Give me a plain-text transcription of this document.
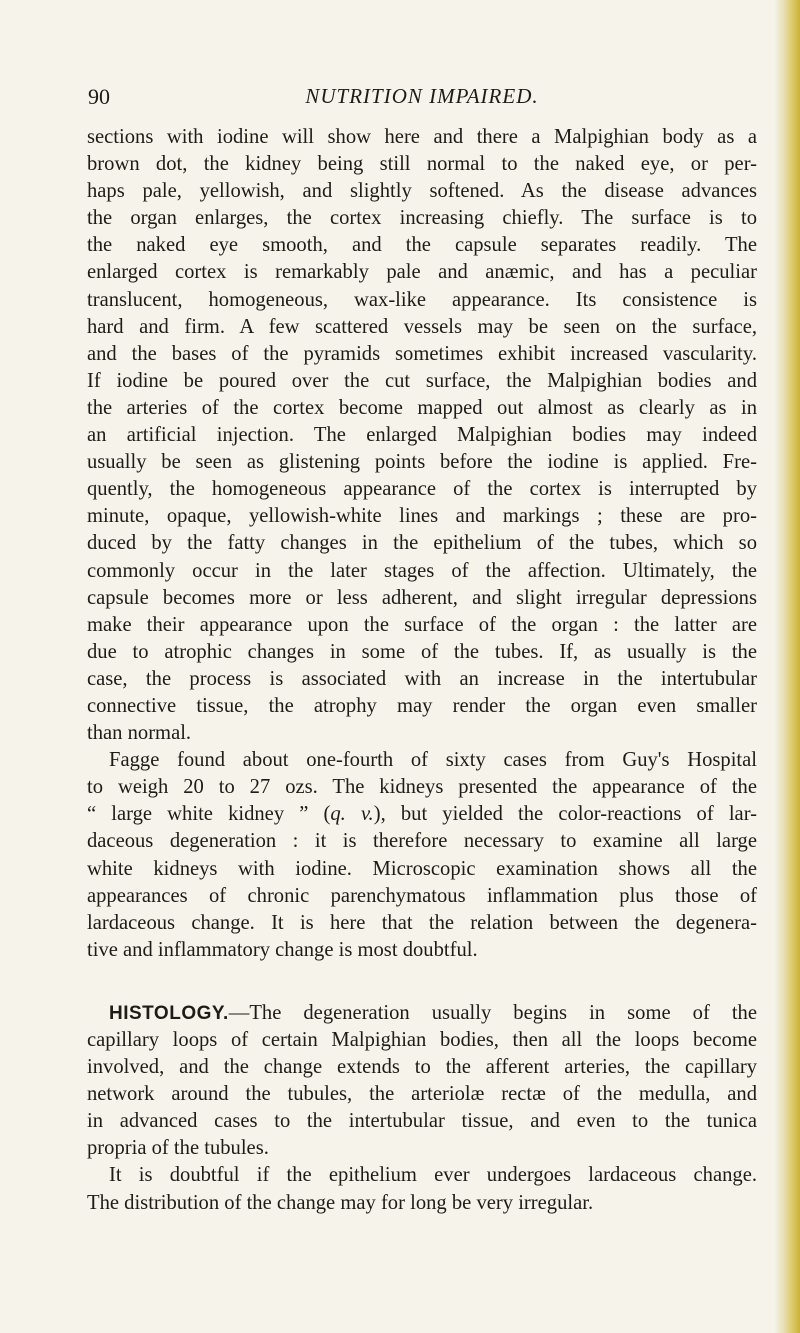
90	NUTRITION IMPAIRED.
sections with iodine will show here and there a Malpighian body as a
brown dot, the kidney being still normal to the naked eye, or per-
haps pale, yellowish, and slightly softened. As the disease advances
the organ enlarges, the cortex increasing chiefly. The surface is to
the naked eye smooth, and the capsule separates readily. The
enlarged cortex is remarkably pale and anæmic, and has a peculiar
translucent, homogeneous, wax-like appearance. Its consistence is
hard and firm. A few scattered vessels may be seen on the surface,
and the bases of the pyramids sometimes exhibit increased vascularity.
If iodine be poured over the cut surface, the Malpighian bodies and
the arteries of the cortex become mapped out almost as clearly as in
an artificial injection. The enlarged Malpighian bodies may indeed
usually be seen as glistening points before the iodine is applied. Fre-
quently, the homogeneous appearance of the cortex is interrupted by
minute, opaque, yellowish-white lines and markings ; these are pro-
duced by the fatty changes in the epithelium of the tubes, which so
commonly occur in the later stages of the affection. Ultimately, the
capsule becomes more or less adherent, and slight irregular depressions
make their appearance upon the surface of the organ : the latter are
due to atrophic changes in some of the tubes. If, as usually is the
case, the process is associated with an increase in the intertubular
connective tissue, the atrophy may render the organ even smaller
than normal.
Fagge found about one-fourth of sixty cases from Guy's Hospital
to weigh 20 to 27 ozs. The kidneys presented the appearance of the
“ large white kidney ” (q. v.), but yielded the color-reactions of lar-
daceous degeneration : it is therefore necessary to examine all large
white kidneys with iodine. Microscopic examination shows all the
appearances of chronic parenchymatous inflammation plus those of
lardaceous change. It is here that the relation between the degenera-
tive and inflammatory change is most doubtful.
HISTOLOGY.—The degeneration usually begins in some of the
capillary loops of certain Malpighian bodies, then all the loops become
involved, and the change extends to the afferent arteries, the capillary
network around the tubules, the arteriolæ rectæ of the medulla, and
in advanced cases to the intertubular tissue, and even to the tunica
propria of the tubules.
It is doubtful if the epithelium ever undergoes lardaceous change.
The distribution of the change may for long be very irregular.
